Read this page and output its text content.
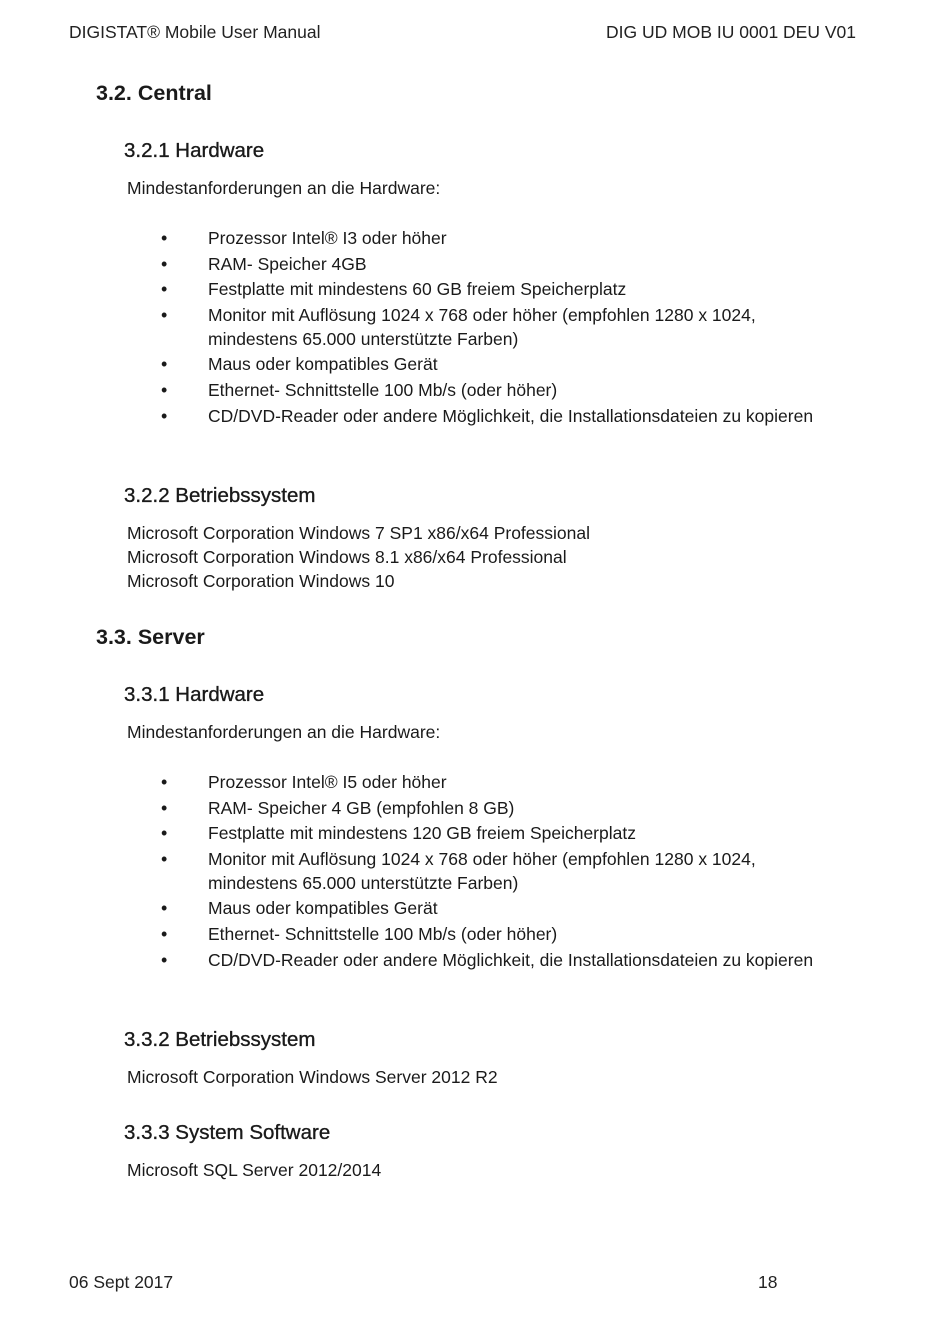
DIGISTAT® Mobile User Manual	DIG UD MOB IU 0001 DEU V01
3.2. Central
3.2.1 Hardware

Mindestanforderungen an die Hardware:

• Prozessor Intel® I3 oder höher
• RAM- Speicher 4GB
• Festplatte mit mindestens 60 GB freiem Speicherplatz
• Monitor mit Auflösung 1024 x 768 oder höher (empfohlen 1280 x 1024, mindestens 65.000 unterstützte Farben)
• Maus oder kompatibles Gerät
• Ethernet- Schnittstelle 100 Mb/s (oder höher)
• CD/DVD-Reader oder andere Möglichkeit, die Installationsdateien zu kopieren
3.2.2 Betriebssystem

Microsoft Corporation Windows 7 SP1 x86/x64 Professional

Microsoft Corporation Windows 8.1 x86/x64 Professional

Microsoft Corporation Windows 10

3.3. Server
3.3.1 Hardware

Mindestanforderungen an die Hardware:

• Prozessor Intel® I5 oder höher
• RAM- Speicher 4 GB (empfohlen 8 GB)
• Festplatte mit mindestens 120 GB freiem Speicherplatz
• Monitor mit Auflösung 1024 x 768 oder höher (empfohlen 1280 x 1024, mindestens 65.000 unterstützte Farben)
• Maus oder kompatibles Gerät
• Ethernet- Schnittstelle 100 Mb/s (oder höher)
• CD/DVD-Reader oder andere Möglichkeit, die Installationsdateien zu kopieren
3.3.2 Betriebssystem

Microsoft Corporation Windows Server 2012 R2

3.3.3 System Software

Microsoft SQL Server 2012/2014

06 Sept 2017	18
